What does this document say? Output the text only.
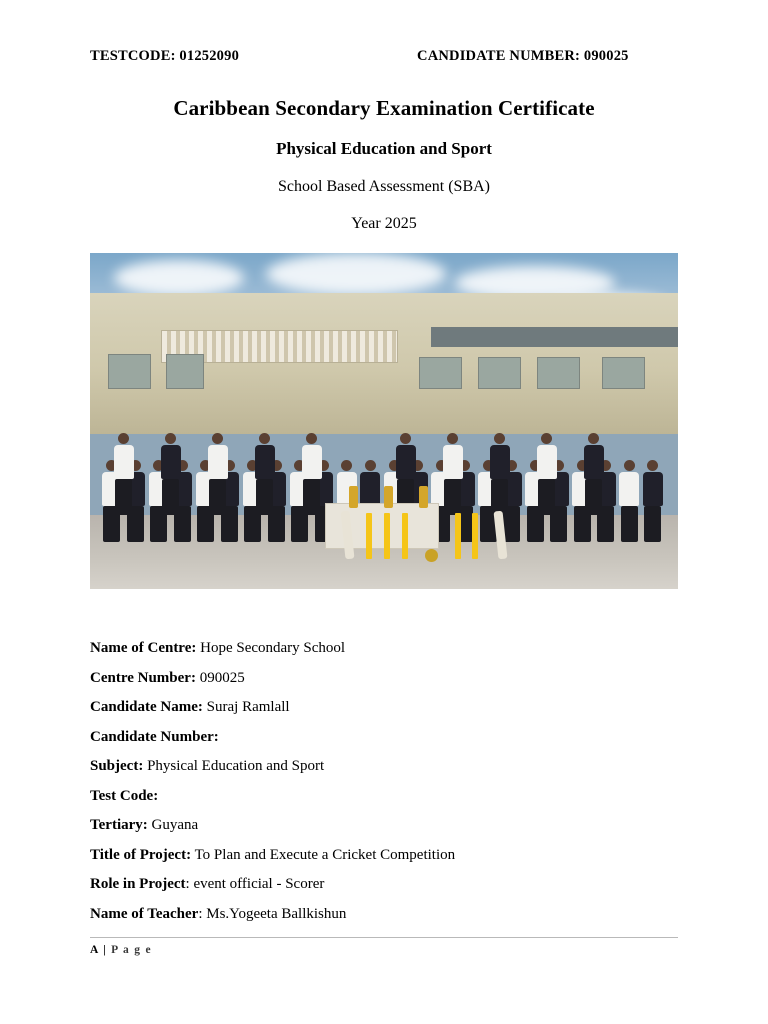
TESTCODE: 01252090	CANDIDATE NUMBER: 090025
Caribbean Secondary Examination Certificate
Physical Education and Sport
School Based Assessment (SBA)
Year 2025
Name of Centre: Hope Secondary School
Centre Number: 090025
Candidate Name: Suraj Ramlall
Candidate Number:
Subject: Physical Education and Sport
Test Code:
Tertiary: Guyana
Title of Project: To Plan and Execute a Cricket Competition
Role in Project: event official - Scorer
Name of Teacher: Ms.Yogeeta Ballkishun
A | P a g e
